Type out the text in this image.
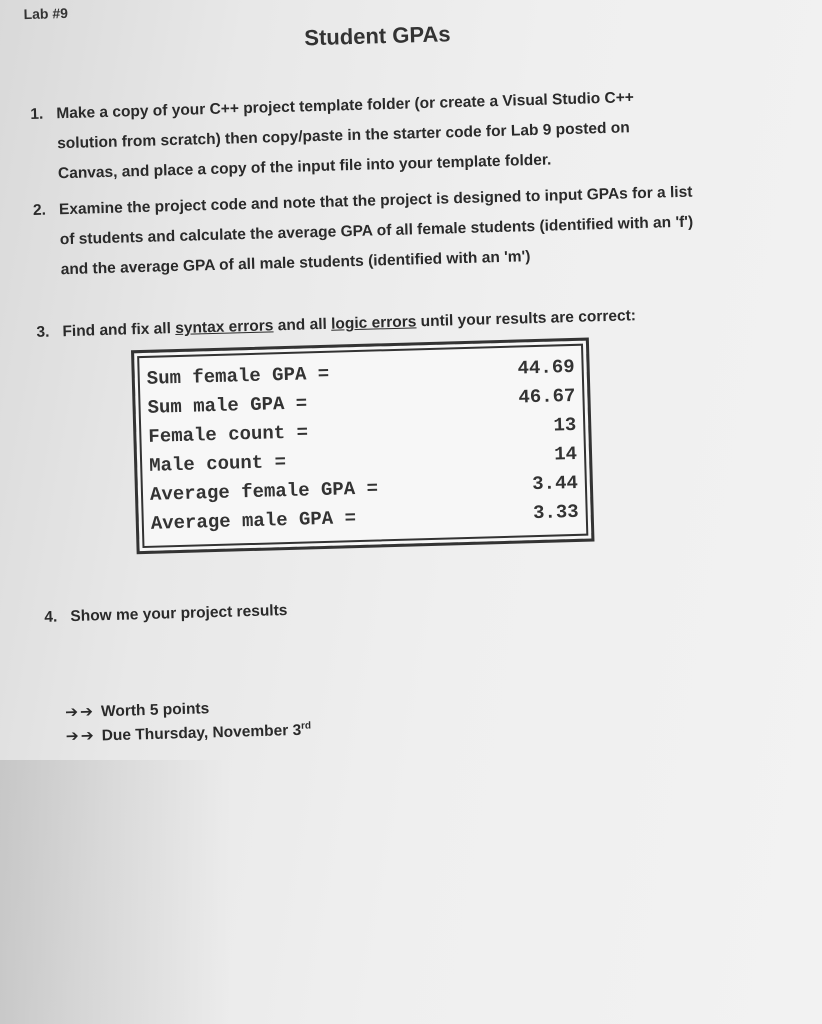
Lab #9
Student GPAs
1. Make a copy of your C++ project template folder (or create a Visual Studio C++
solution from scratch) then copy/paste in the starter code for Lab 9 posted on
Canvas, and place a copy of the input file into your template folder.
2. Examine the project code and note that the project is designed to input GPAs for a list
of students and calculate the average GPA of all female students (identified with an 'f')
and the average GPA of all male students (identified with an 'm')
3. Find and fix all syntax errors and all logic errors until your results are correct:
Sum female GPA =	44.69
Sum male GPA =	46.67
Female count =	13
Male count =	14
Average female GPA =	3.44
Average male GPA =	3.33
4. Show me your project results
➔➔ Worth 5 points
➔➔ Due Thursday, November 3rd
